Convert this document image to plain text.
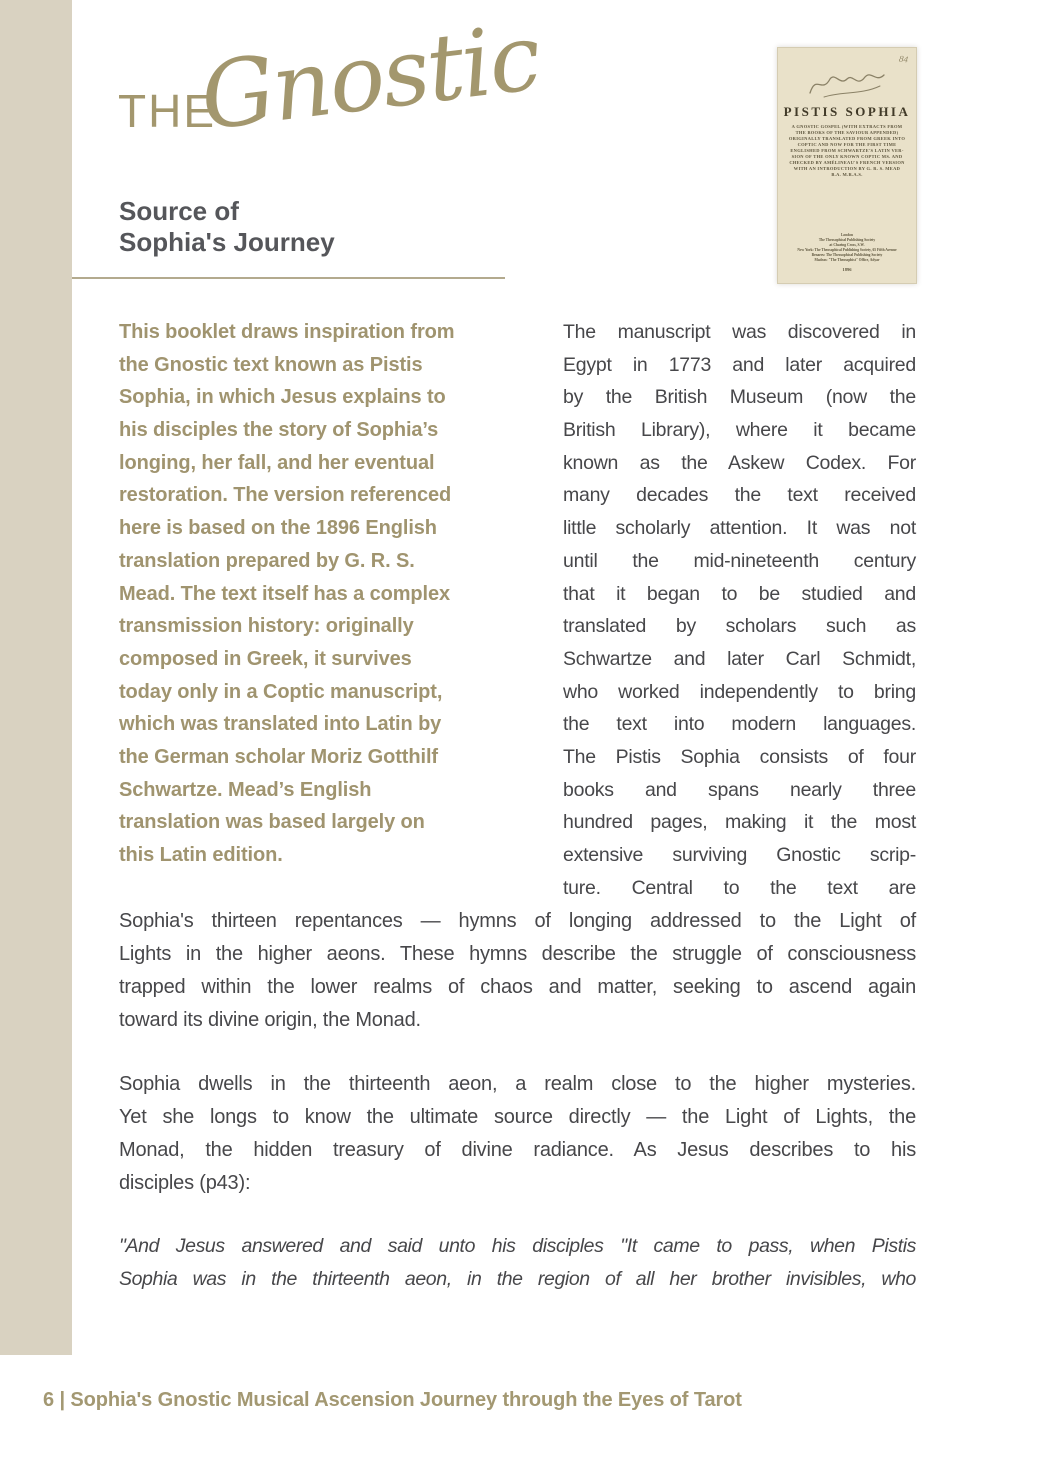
THE
Gnostic
Source of
Sophia's Journey
84
PISTIS SOPHIA
A GNOSTIC GOSPEL (WITH EXTRACTS FROM
THE BOOKS OF THE SAVIOUR APPENDED)
ORIGINALLY TRANSLATED FROM GREEK INTO
COPTIC AND NOW FOR THE FIRST TIME
ENGLISHED FROM SCHWARTZE'S LATIN VER-
SION OF THE ONLY KNOWN COPTIC MS. AND
CHECKED BY AMÉLINEAU'S FRENCH VERSION
WITH AN INTRODUCTION BY G. R. S. MEAD
B.A. M.R.A.S.
London
The Theosophical Publishing Society
at Charing Cross, S.W.
New York: The Theosophical Publishing Society, 65 Fifth Avenue
Benares: The Theosophical Publishing Society
Madras: "The Theosophist" Office, Adyar
1896
This booklet draws inspiration from
the Gnostic text known as Pistis
Sophia, in which Jesus explains to
his disciples the story of Sophia’s
longing, her fall, and her eventual
restoration. The version referenced
here is based on the 1896 English
translation prepared by G. R. S.
Mead. The text itself has a complex
transmission history: originally
composed in Greek, it survives
today only in a Coptic manuscript,
which was translated into Latin by
the German scholar Moriz Gotthilf
Schwartze. Mead’s English
translation was based largely on
this Latin edition.
The manuscript was discovered in
Egypt in 1773 and later acquired
by the British Museum (now the
British Library), where it became
known as the Askew Codex. For
many decades the text received
little scholarly attention. It was not
until the mid-nineteenth century
that it began to be studied and
translated by scholars such as
Schwartze and later Carl Schmidt,
who worked independently to bring
the text into modern languages.
The Pistis Sophia consists of four
books and spans nearly three
hundred pages, making it the most
extensive surviving Gnostic scrip-
ture. Central to the text are
Sophia's thirteen repentances — hymns of longing addressed to the Light of
Lights in the higher aeons. These hymns describe the struggle of consciousness
trapped within the lower realms of chaos and matter, seeking to ascend again
toward its divine origin, the Monad.
Sophia dwells in the thirteenth aeon, a realm close to the higher mysteries.
Yet she longs to know the ultimate source directly — the Light of Lights, the
Monad, the hidden treasury of divine radiance. As Jesus describes to his
disciples (p43):
"And Jesus answered and said unto his disciples "It came to pass, when Pistis
Sophia was in the thirteenth aeon, in the region of all her brother invisibles, who
6 | Sophia's Gnostic Musical Ascension Journey through the Eyes of Tarot
